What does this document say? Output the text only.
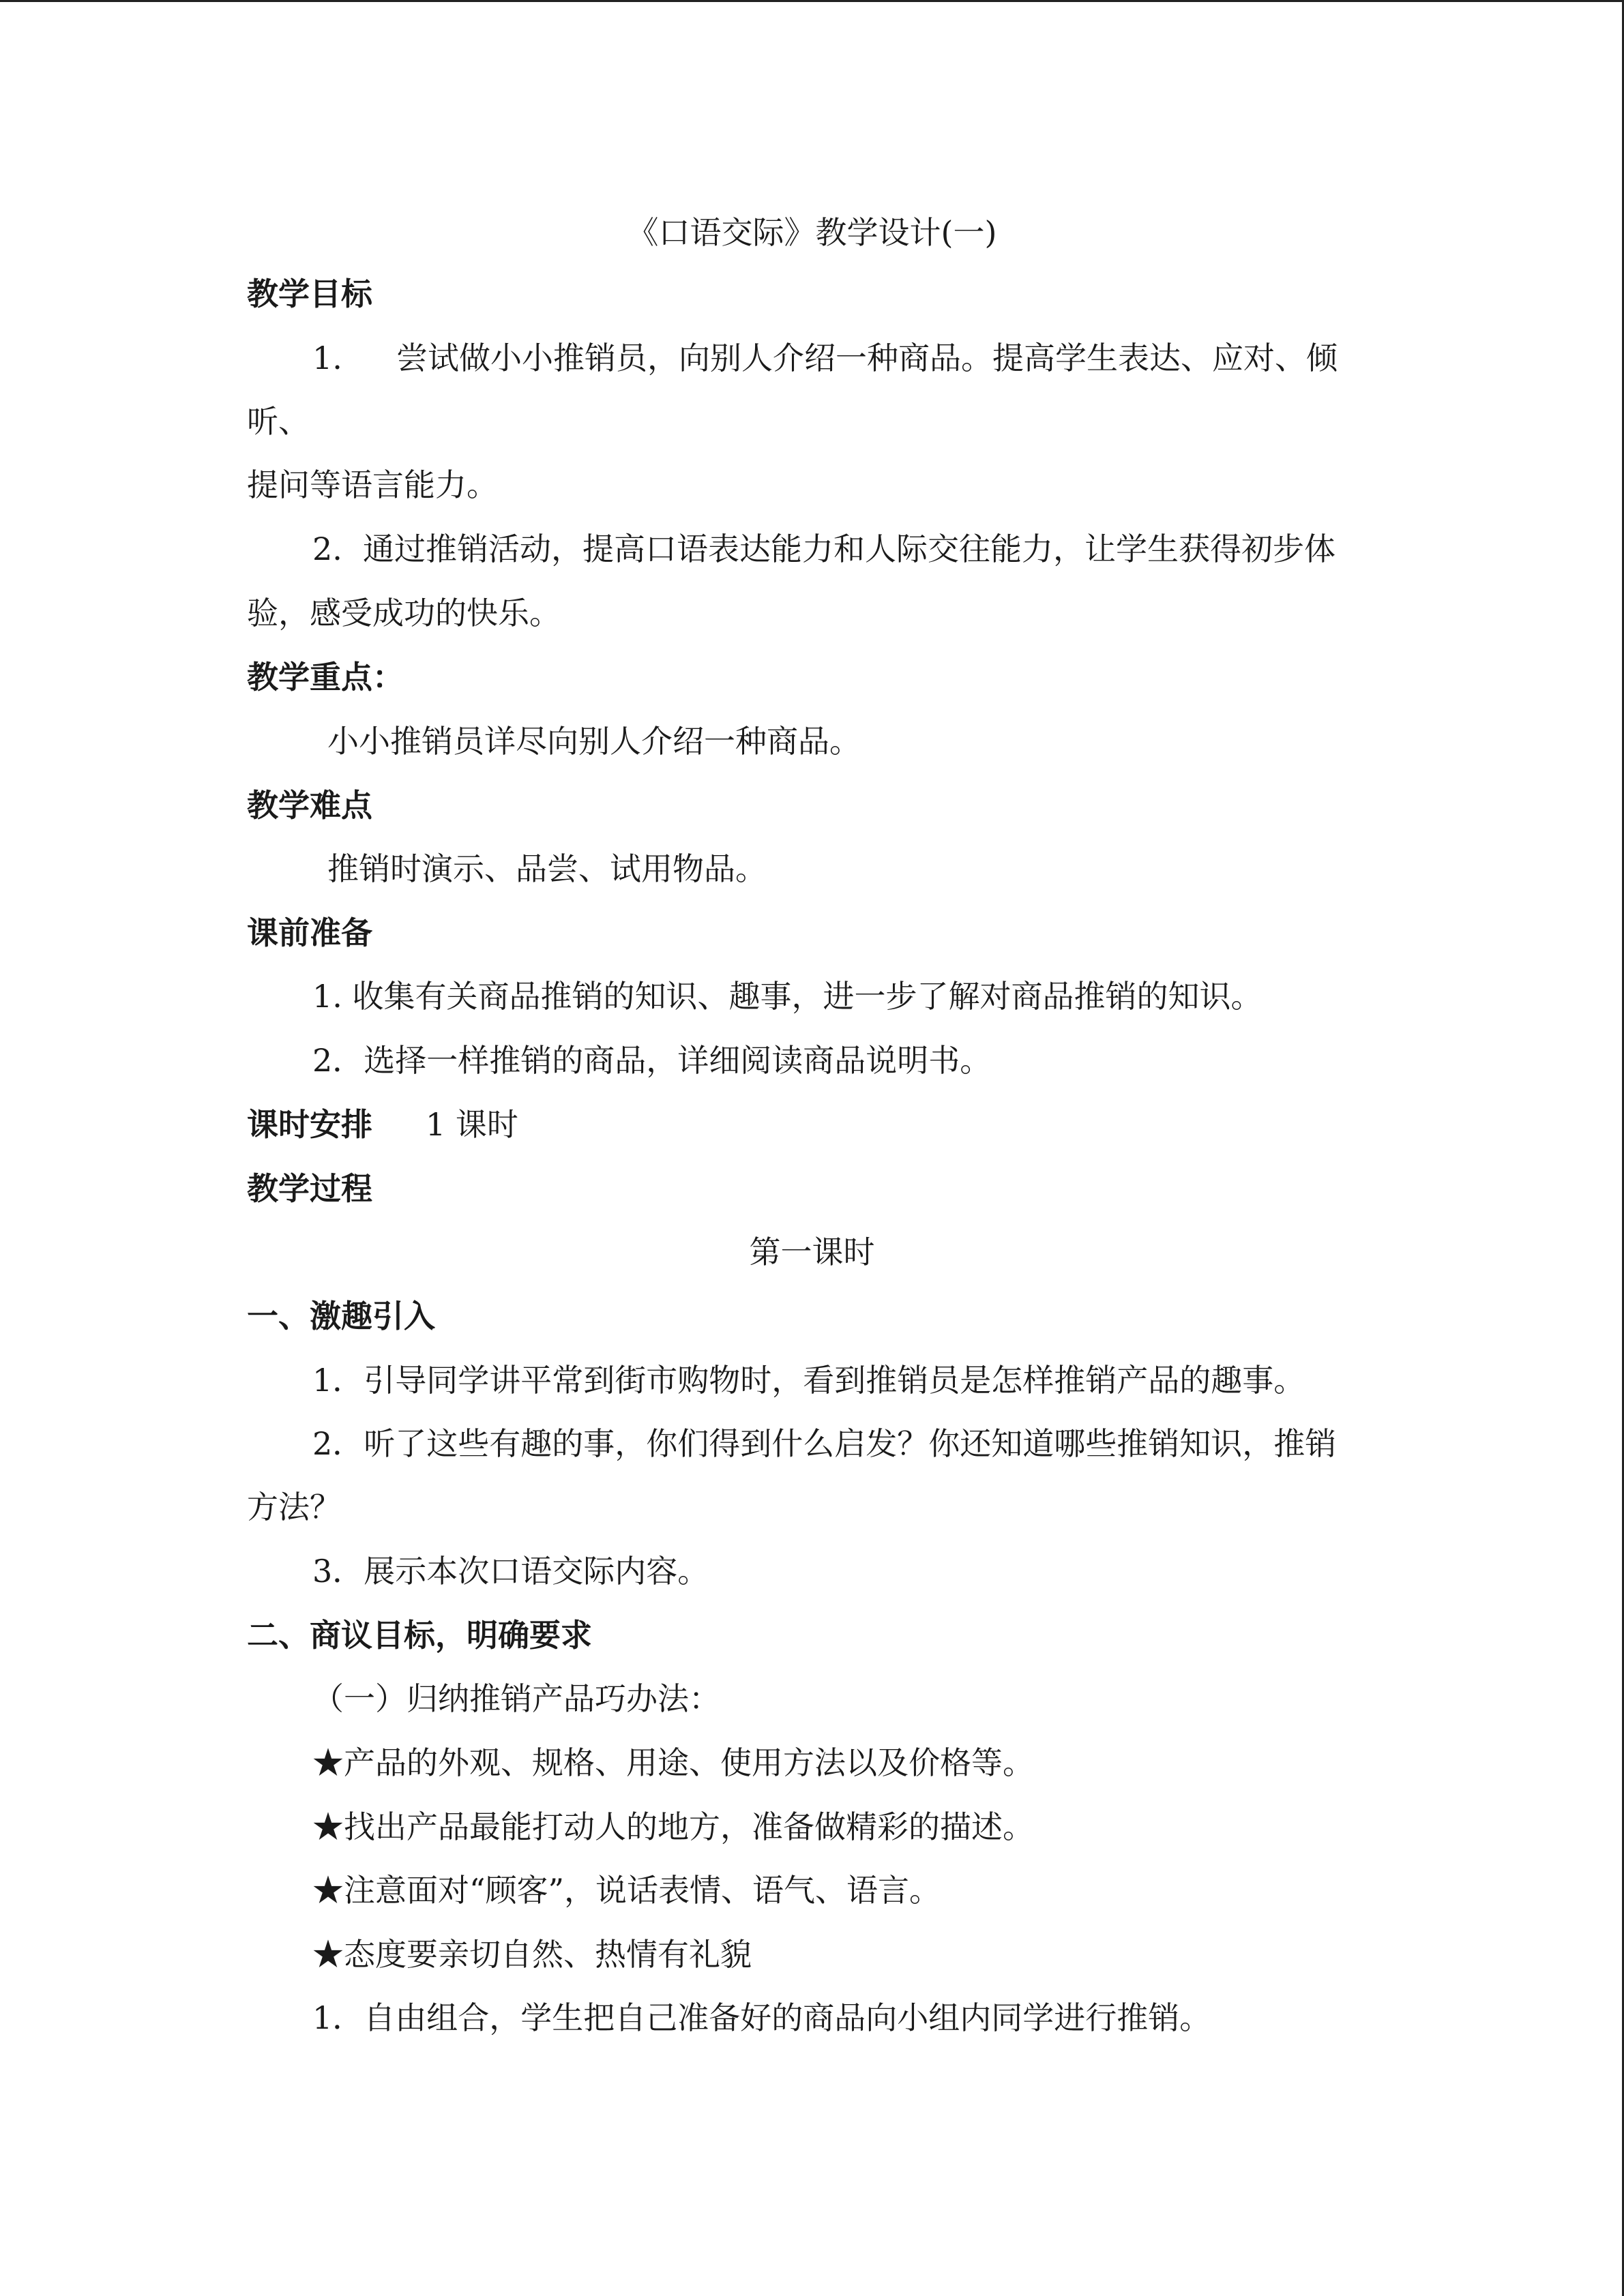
《口语交际》教学设计(一)
教学目标
1. 尝试做小小推销员，向别人介绍一种商品。提高学生表达、应对、倾
听、
提问等语言能力。
2. 通过推销活动，提高口语表达能力和人际交往能力，让学生获得初步体
验，感受成功的快乐。
教学重点：
小小推销员详尽向别人介绍一种商品。
教学难点
推销时演示、品尝、试用物品。
课前准备
1. 收集有关商品推销的知识、趣事，进一步了解对商品推销的知识。
2．选择一样推销的商品，详细阅读商品说明书。
课时安排 1 课时
教学过程
第一课时
一、激趣引入
1．引导同学讲平常到街市购物时，看到推销员是怎样推销产品的趣事。
2．听了这些有趣的事，你们得到什么启发？你还知道哪些推销知识，推销
方法？
3．展示本次口语交际内容。
二、商议目标，明确要求
（一）归纳推销产品巧办法：
★产品的外观、规格、用途、使用方法以及价格等。
★找出产品最能打动人的地方，准备做精彩的描述。
★注意面对“顾客”，说话表情、语气、语言。
★态度要亲切自然、热情有礼貌
1．自由组合，学生把自己准备好的商品向小组内同学进行推销。
